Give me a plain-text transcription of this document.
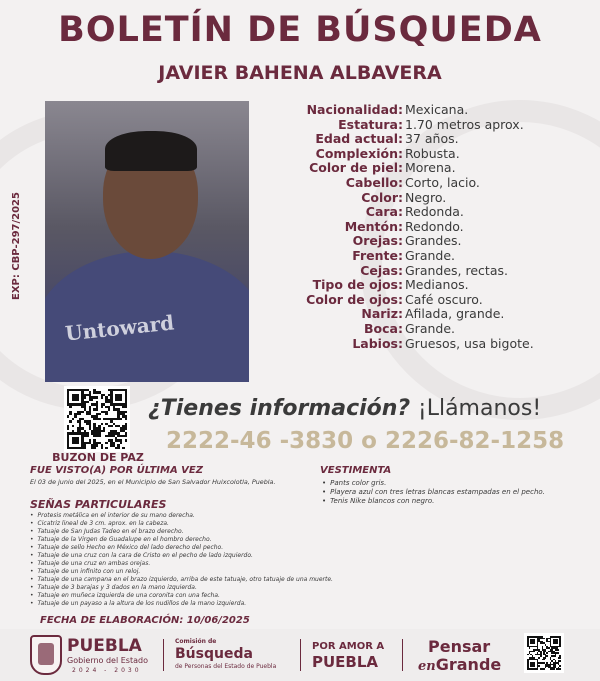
BOLETÍN DE BÚSQUEDA
JAVIER BAHENA ALBAVERA
EXP: CBP-297/2025
Untoward
Nacionalidad: Mexicana.
Estatura: 1.70 metros aprox.
Edad actual: 37 años.
Complexión: Robusta.
Color de piel: Morena.
Cabello: Corto, lacio.
Color: Negro.
Cara: Redonda.
Mentón: Redondo.
Orejas: Grandes.
Frente: Grande.
Cejas: Grandes, rectas.
Tipo de ojos: Medianos.
Color de ojos: Café oscuro.
Nariz: Afilada, grande.
Boca: Grande.
Labios: Gruesos, usa bigote.
BUZON DE PAZ
¿Tienes información? ¡Llámanos!
2222-46 -3830 o 2226-82-1258
FUE VISTO(A) POR ÚLTIMA VEZ
El 03 de junio del 2025, en el Municipio de San Salvador Huixcolotla, Puebla.
SEÑAS PARTICULARES
• Protesis metálica en el interior de su mano derecha.
• Cicatriz lineal de 3 cm. aprox. en la cabeza.
• Tatuaje de San Judas Tadeo en el brazo derecho.
• Tatuaje de la Virgen de Guadalupe en el hombro derecho.
• Tatuaje de sello Hecho en México del lado derecho del pecho.
• Tatuaje de una cruz con la cara de Cristo en el pecho de lado izquierdo.
• Tatuaje de una cruz en ambas orejas.
• Tatuaje de un infinito con un reloj.
• Tatuaje de una campana en el brazo izquierdo, arriba de este tatuaje, otro tatuaje de una muerte.
• Tatuaje de 3 barajas y 3 dados en la mano izquierda.
• Tatuaje en muñeca izquierda de una coronita con una fecha.
• Tatuaje de un payaso a la altura de los nudillos de la mano izquierda.
VESTIMENTA
• Pants color gris.
• Playera azul con tres letras blancas estampadas en el pecho.
• Tenis Nike blancos con negro.
FECHA DE ELABORACIÓN: 10/06/2025
PUEBLA
Gobierno del Estado
2024 - 2030
Comisión de
Búsqueda
de Personas del Estado de Puebla
POR AMOR A
PUEBLA
Pensar
enGrande
